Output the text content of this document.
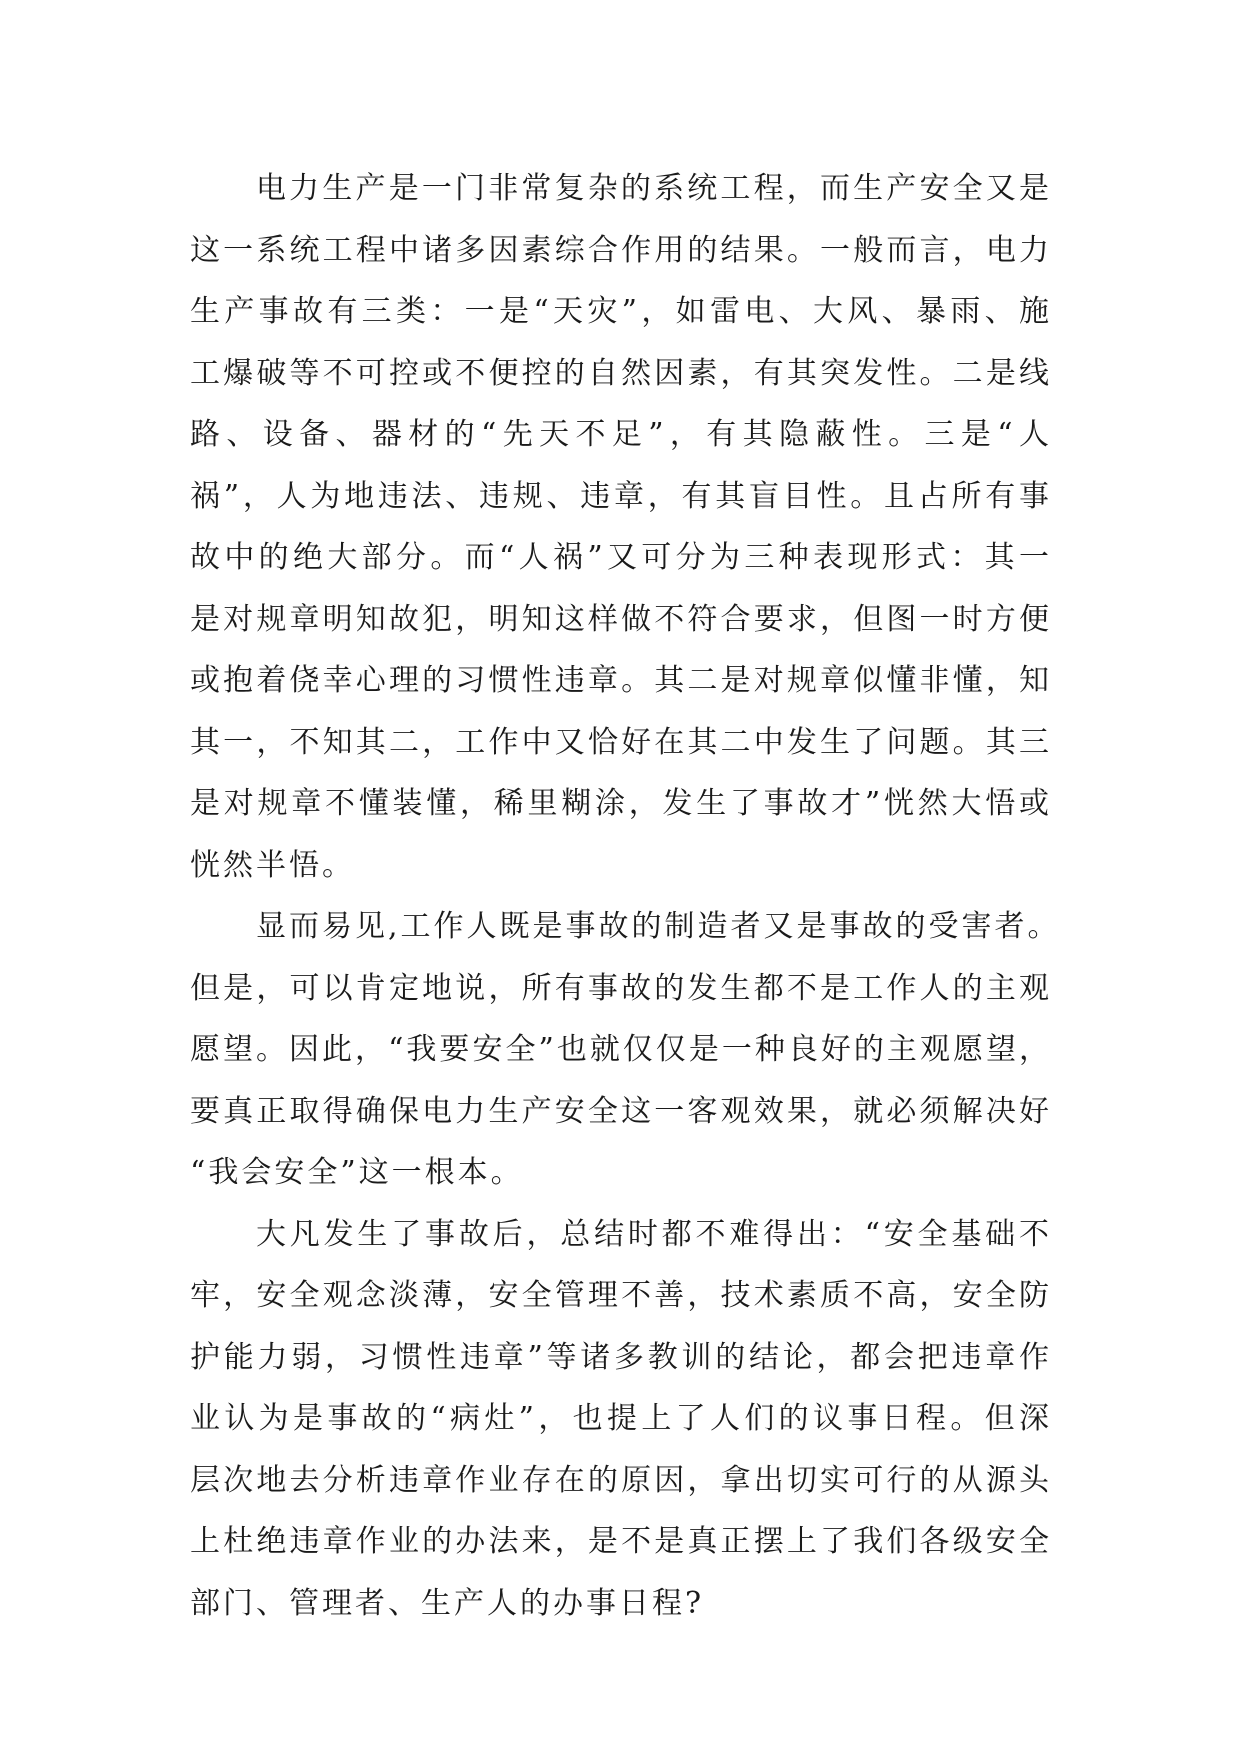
电力生产是一门非常复杂的系统工程，而生产安全又是
这一系统工程中诸多因素综合作用的结果。一般而言，电力
生产事故有三类：一是“天灾”，如雷电、大风、暴雨、施
工爆破等不可控或不便控的自然因素，有其突发性。二是线
路、设备、器材的“先天不足”，有其隐蔽性。三是“人
祸”，人为地违法、违规、违章，有其盲目性。且占所有事
故中的绝大部分。而“人祸”又可分为三种表现形式：其一
是对规章明知故犯，明知这样做不符合要求，但图一时方便
或抱着侥幸心理的习惯性违章。其二是对规章似懂非懂，知
其一，不知其二，工作中又恰好在其二中发生了问题。其三
是对规章不懂装懂，稀里糊涂，发生了事故才”恍然大悟或
恍然半悟。
显而易见,工作人既是事故的制造者又是事故的受害者。
但是，可以肯定地说，所有事故的发生都不是工作人的主观
愿望。因此，“我要安全”也就仅仅是一种良好的主观愿望，
要真正取得确保电力生产安全这一客观效果，就必须解决好
“我会安全”这一根本。
大凡发生了事故后，总结时都不难得出：“安全基础不
牢，安全观念淡薄，安全管理不善，技术素质不高，安全防
护能力弱，习惯性违章”等诸多教训的结论，都会把违章作
业认为是事故的“病灶”，也提上了人们的议事日程。但深
层次地去分析违章作业存在的原因，拿出切实可行的从源头
上杜绝违章作业的办法来，是不是真正摆上了我们各级安全
部门、管理者、生产人的办事日程?
